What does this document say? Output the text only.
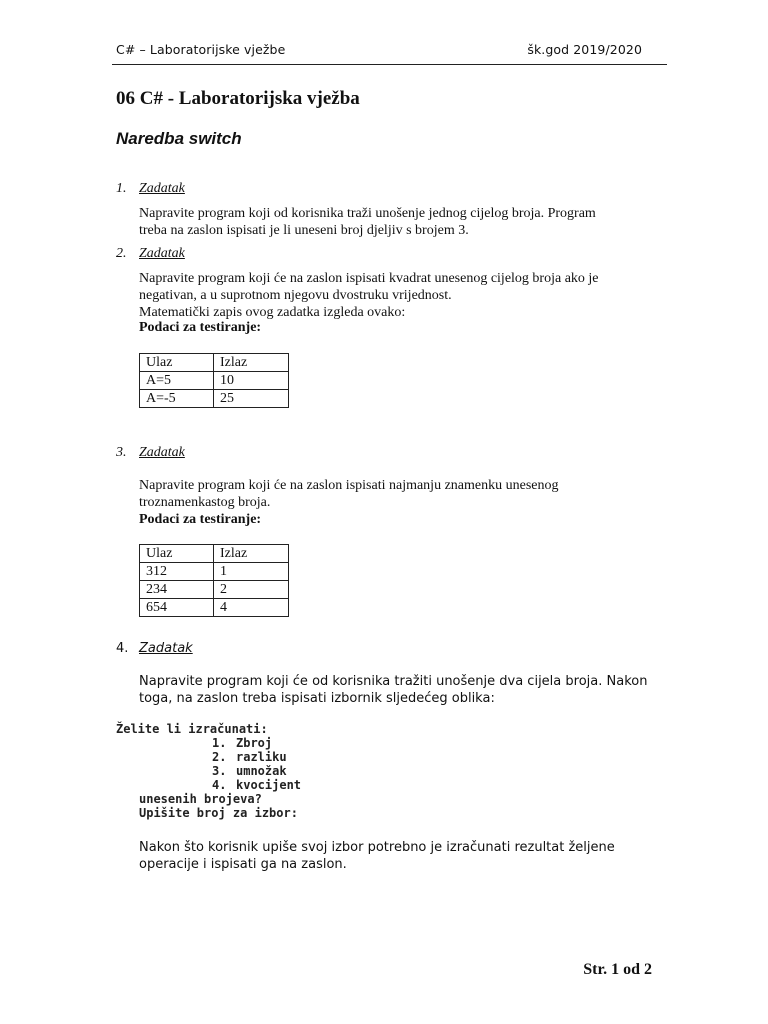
C# – Laboratorijske vježbe	šk.god 2019/2020
06 C# - Laboratorijska vježba
Naredba switch
1. Zadatak

Napravite program koji od korisnika traži unošenje jednog cijelog broja. Program
treba na zaslon ispisati je li uneseni broj djeljiv s brojem 3.

2. Zadatak

Napravite program koji će na zaslon ispisati kvadrat unesenog cijelog broja ako je
negativan, a u suprotnom njegovu dvostruku vrijednost.
Matematički zapis ovog zadatka izgleda ovako:

Podaci za testiranje:
Ulaz	Izlaz
A=5	10
A=-5	25
3. Zadatak

Napravite program koji će na zaslon ispisati najmanju znamenku unesenog
troznamenkastog broja.

Podaci za testiranje:
Ulaz	Izlaz
312	1
234	2
654	4
4. Zadatak

Napravite program koji će od korisnika tražiti unošenje dva cijela broja. Nakon
toga, na zaslon treba ispisati izbornik sljedećeg oblika:

Želite li izračunati:
1. Zbroj
2. razliku
3. umnožak
4. kvocijent
unesenih brojeva?
Upišite broj za izbor:

Nakon što korisnik upiše svoj izbor potrebno je izračunati rezultat željene
operacije i ispisati ga na zaslon.

Str. 1 od 2
